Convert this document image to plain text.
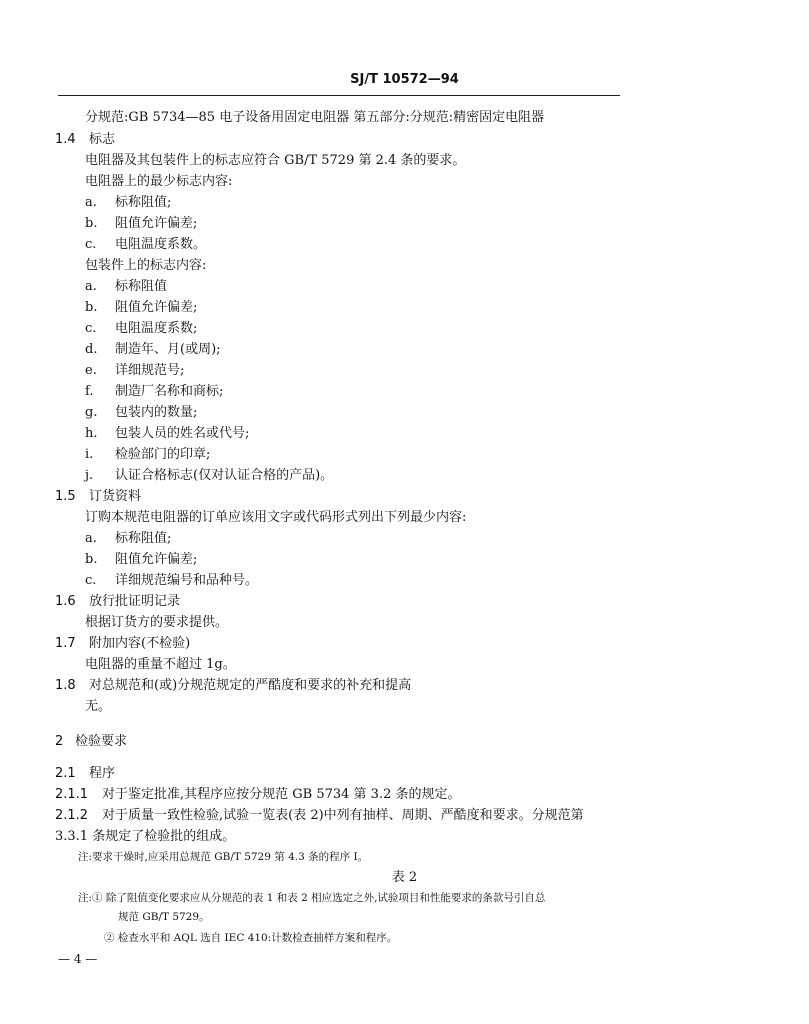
SJ/T 10572—94
分规范:GB 5734—85 电子设备用固定电阻器 第五部分:分规范:精密固定电阻器
1.4 标志
电阻器及其包装件上的标志应符合 GB/T 5729 第 2.4 条的要求。
电阻器上的最少标志内容:
a. 标称阻值;
b. 阻值允许偏差;
c. 电阻温度系数。
包装件上的标志内容:
a. 标称阻值
b. 阻值允许偏差;
c. 电阻温度系数;
d. 制造年、月(或周);
e. 详细规范号;
f. 制造厂名称和商标;
g. 包装内的数量;
h. 包装人员的姓名或代号;
i. 检验部门的印章;
j. 认证合格标志(仅对认证合格的产品)。
1.5 订货资料
订购本规范电阻器的订单应该用文字或代码形式列出下列最少内容:
a. 标称阻值;
b. 阻值允许偏差;
c. 详细规范编号和品种号。
1.6 放行批证明记录
根据订货方的要求提供。
1.7 附加内容(不检验)
电阻器的重量不超过 1g。
1.8 对总规范和(或)分规范规定的严酷度和要求的补充和提高
无。
2 检验要求
2.1 程序
2.1.1 对于鉴定批准,其程序应按分规范 GB 5734 第 3.2 条的规定。
2.1.2 对于质量一致性检验,试验一览表(表 2)中列有抽样、周期、严酷度和要求。分规范第
3.3.1 条规定了检验批的组成。
注:要求干燥时,应采用总规范 GB/T 5729 第 4.3 条的程序 I。
表 2
注:① 除了阻值变化要求应从分规范的表 1 和表 2 相应选定之外,试验项目和性能要求的条款号引自总
规范 GB/T 5729。
② 检查水平和 AQL 选自 IEC 410:计数检查抽样方案和程序。
— 4 —
